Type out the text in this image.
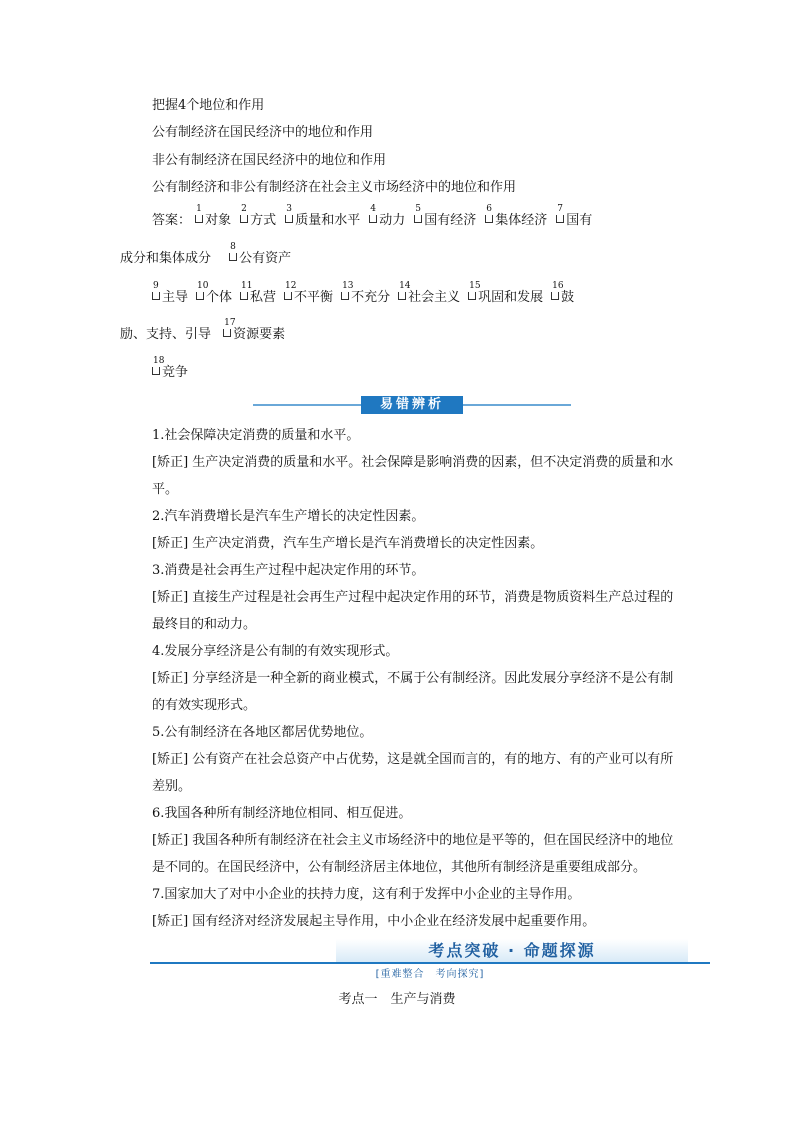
把握4个地位和作用
公有制经济在国民经济中的地位和作用
非公有制经济在国民经济中的地位和作用
公有制经济和非公有制经济在社会主义市场经济中的地位和作用
答案：
1
对象
2
方式
3
质量和水平
4
动力
5
国有经济
6
集体经济
7
国有
成分和集体成分
8
公有资产
9
主导
10
个体
11
私营
12
不平衡
13
不充分
14
社会主义
15
巩固和发展
16
鼓
励、支持、引导
17
资源要素
18
竞争
易错辨析
1.社会保障决定消费的质量和水平。
[矫正] 生产决定消费的质量和水平。社会保障是影响消费的因素，但不决定消费的质量和水平。
2.汽车消费增长是汽车生产增长的决定性因素。
[矫正] 生产决定消费，汽车生产增长是汽车消费增长的决定性因素。
3.消费是社会再生产过程中起决定作用的环节。
[矫正] 直接生产过程是社会再生产过程中起决定作用的环节，消费是物质资料生产总过程的最终目的和动力。
4.发展分享经济是公有制的有效实现形式。
[矫正] 分享经济是一种全新的商业模式，不属于公有制经济。因此发展分享经济不是公有制的有效实现形式。
5.公有制经济在各地区都居优势地位。
[矫正] 公有资产在社会总资产中占优势，这是就全国而言的，有的地方、有的产业可以有所差别。
6.我国各种所有制经济地位相同、相互促进。
[矫正] 我国各种所有制经济在社会主义市场经济中的地位是平等的，但在国民经济中的地位是不同的。在国民经济中，公有制经济居主体地位，其他所有制经济是重要组成部分。
7.国家加大了对中小企业的扶持力度，这有利于发挥中小企业的主导作用。
[矫正] 国有经济对经济发展起主导作用，中小企业在经济发展中起重要作用。
考点突破 · 命题探源
[重难整合　考向探究]
考点一　生产与消费
